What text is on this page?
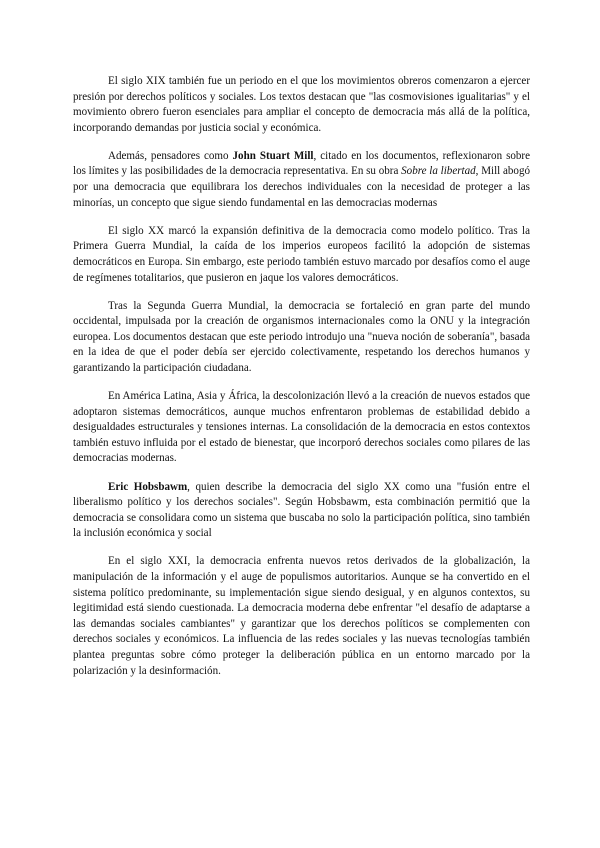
El siglo XIX también fue un periodo en el que los movimientos obreros comenzaron a ejercer presión por derechos políticos y sociales. Los textos destacan que "las cosmovisiones igualitarias" y el movimiento obrero fueron esenciales para ampliar el concepto de democracia más allá de la política, incorporando demandas por justicia social y económica.

Además, pensadores como John Stuart Mill, citado en los documentos, reflexionaron sobre los límites y las posibilidades de la democracia representativa. En su obra Sobre la libertad, Mill abogó por una democracia que equilibrara los derechos individuales con la necesidad de proteger a las minorías, un concepto que sigue siendo fundamental en las democracias modernas

El siglo XX marcó la expansión definitiva de la democracia como modelo político. Tras la Primera Guerra Mundial, la caída de los imperios europeos facilitó la adopción de sistemas democráticos en Europa. Sin embargo, este periodo también estuvo marcado por desafíos como el auge de regímenes totalitarios, que pusieron en jaque los valores democráticos.

Tras la Segunda Guerra Mundial, la democracia se fortaleció en gran parte del mundo occidental, impulsada por la creación de organismos internacionales como la ONU y la integración europea. Los documentos destacan que este periodo introdujo una "nueva noción de soberanía", basada en la idea de que el poder debía ser ejercido colectivamente, respetando los derechos humanos y garantizando la participación ciudadana.

En América Latina, Asia y África, la descolonización llevó a la creación de nuevos estados que adoptaron sistemas democráticos, aunque muchos enfrentaron problemas de estabilidad debido a desigualdades estructurales y tensiones internas. La consolidación de la democracia en estos contextos también estuvo influida por el estado de bienestar, que incorporó derechos sociales como pilares de las democracias modernas.

Eric Hobsbawm, quien describe la democracia del siglo XX como una "fusión entre el liberalismo político y los derechos sociales". Según Hobsbawm, esta combinación permitió que la democracia se consolidara como un sistema que buscaba no solo la participación política, sino también la inclusión económica y social

En el siglo XXI, la democracia enfrenta nuevos retos derivados de la globalización, la manipulación de la información y el auge de populismos autoritarios. Aunque se ha convertido en el sistema político predominante, su implementación sigue siendo desigual, y en algunos contextos, su legitimidad está siendo cuestionada. La democracia moderna debe enfrentar "el desafío de adaptarse a las demandas sociales cambiantes" y garantizar que los derechos políticos se complementen con derechos sociales y económicos. La influencia de las redes sociales y las nuevas tecnologías también plantea preguntas sobre cómo proteger la deliberación pública en un entorno marcado por la polarización y la desinformación.
